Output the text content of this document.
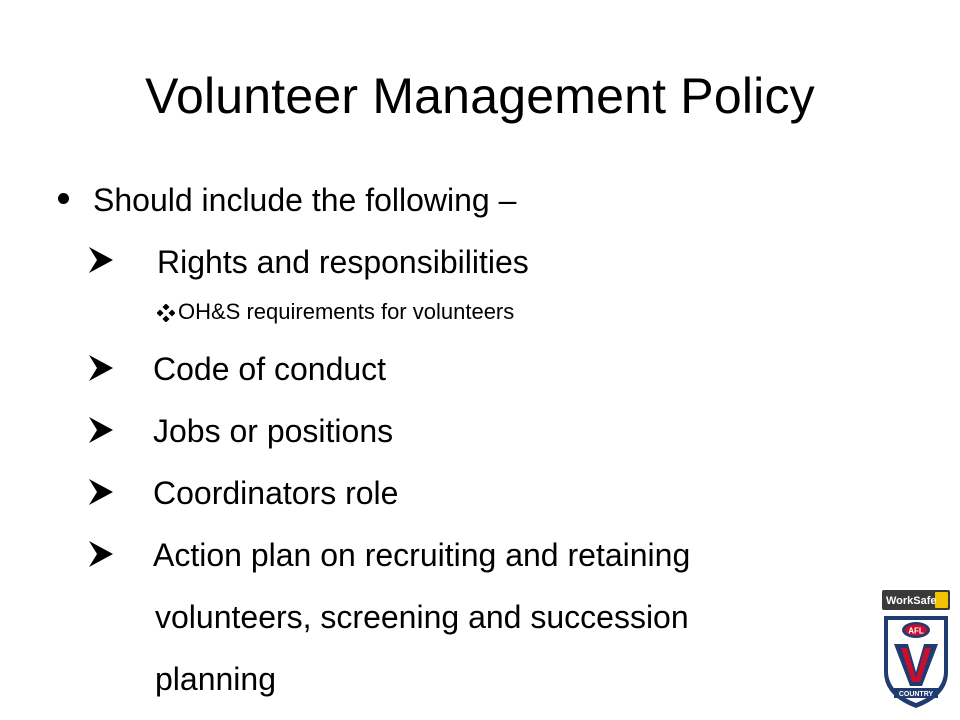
Volunteer Management Policy
Should include the following –
Rights and responsibilities
OH&S requirements for volunteers
Code of conduct
Jobs or positions
Coordinators role
Action plan on recruiting and retaining
volunteers, screening and succession
planning
WorkSafe
AFL
COUNTRY
